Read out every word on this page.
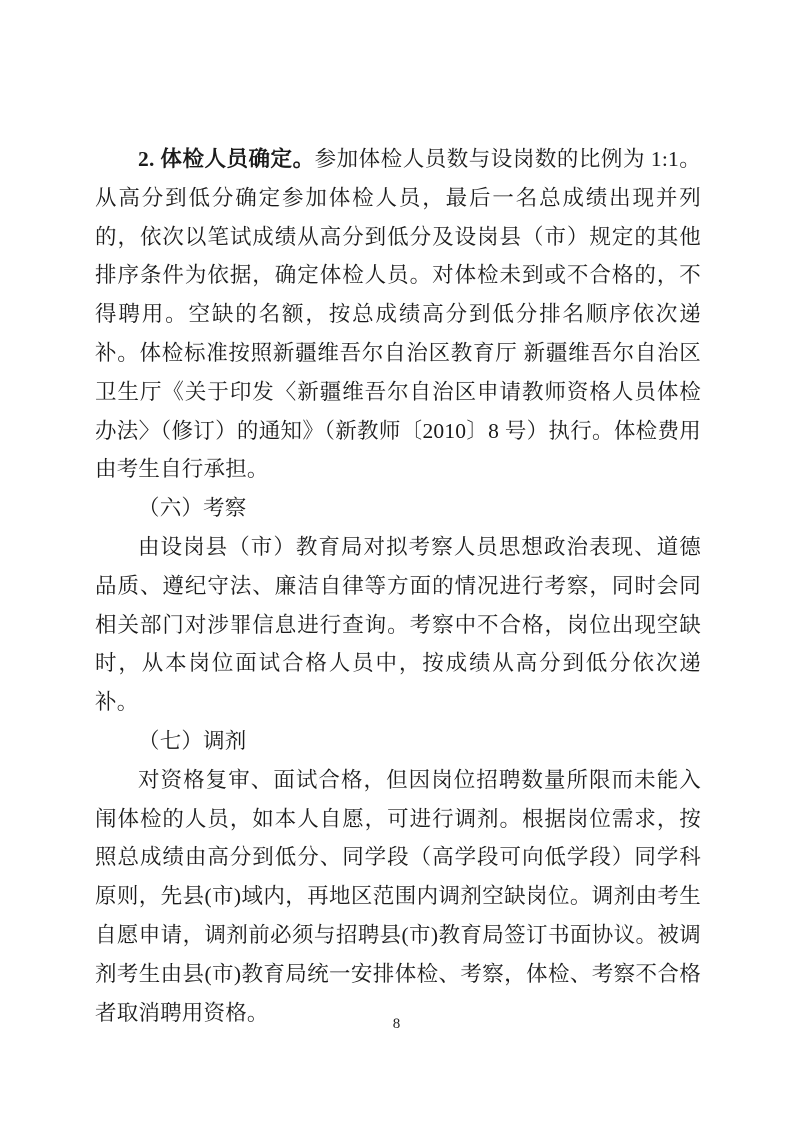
2. 体检人员确定。参加体检人员数与设岗数的比例为 1:1。从高分到低分确定参加体检人员，最后一名总成绩出现并列的，依次以笔试成绩从高分到低分及设岗县（市）规定的其他排序条件为依据，确定体检人员。对体检未到或不合格的，不得聘用。空缺的名额，按总成绩高分到低分排名顺序依次递补。体检标准按照新疆维吾尔自治区教育厅 新疆维吾尔自治区卫生厅《关于印发〈新疆维吾尔自治区申请教师资格人员体检办法〉（修订）的通知》（新教师〔2010〕8 号）执行。体检费用由考生自行承担。

（六）考察

由设岗县（市）教育局对拟考察人员思想政治表现、道德品质、遵纪守法、廉洁自律等方面的情况进行考察，同时会同相关部门对涉罪信息进行查询。考察中不合格，岗位出现空缺时，从本岗位面试合格人员中，按成绩从高分到低分依次递补。

（七）调剂

对资格复审、面试合格，但因岗位招聘数量所限而未能入闱体检的人员，如本人自愿，可进行调剂。根据岗位需求，按照总成绩由高分到低分、同学段（高学段可向低学段）同学科原则，先县(市)域内，再地区范围内调剂空缺岗位。调剂由考生自愿申请，调剂前必须与招聘县(市)教育局签订书面协议。被调剂考生由县(市)教育局统一安排体检、考察，体检、考察不合格者取消聘用资格。	8
